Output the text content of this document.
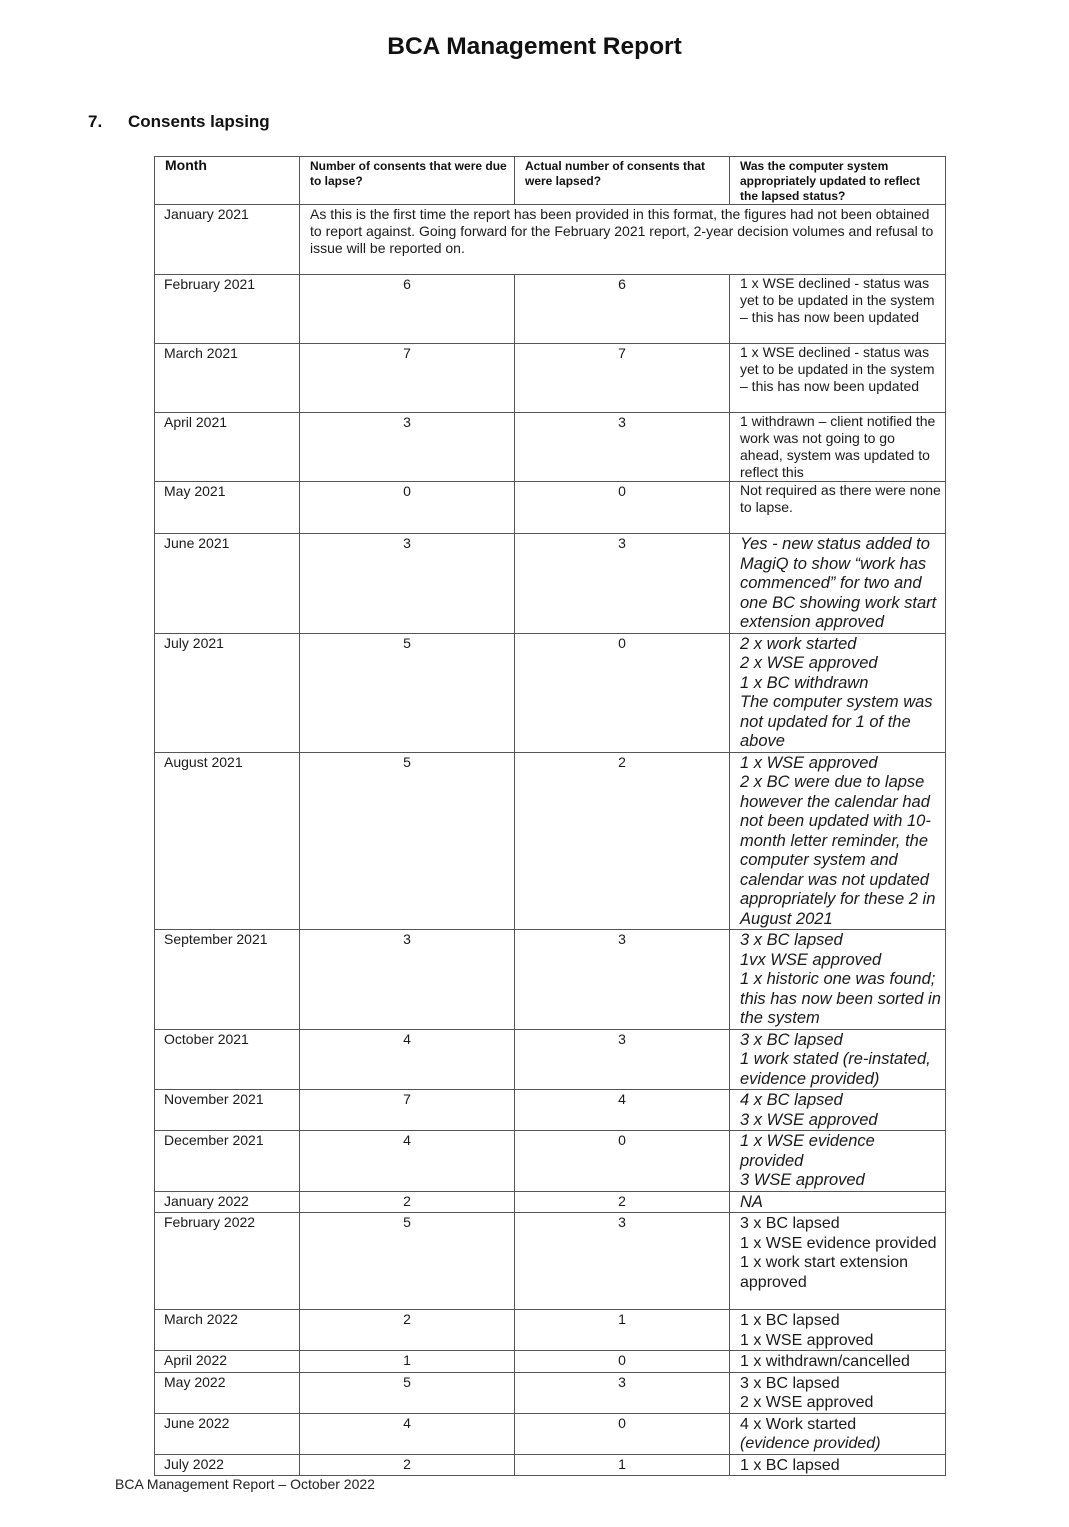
BCA Management Report
7. Consents lapsing
Month	Number of consents that were due to lapse?	Actual number of consents that were lapsed?	Was the computer system appropriately updated to reflect the lapsed status?
January 2021	As this is the first time the report has been provided in this format, the figures had not been obtained to report against. Going forward for the February 2021 report, 2-year decision volumes and refusal to issue will be reported on.		
February 2021	6	6	1 x WSE declined - status was yet to be updated in the system – this has now been updated
March 2021	7	7	1 x WSE declined - status was yet to be updated in the system – this has now been updated
April 2021	3	3	1 withdrawn – client notified the work was not going to go ahead, system was updated to reflect this
May 2021	0	0	Not required as there were none to lapse.
June 2021	3	3	Yes - new status added to MagiQ to show “work has commenced” for two and one BC showing work start extension approved
July 2021	5	0	2 x work started
2 x WSE approved
1 x BC withdrawn
The computer system was not updated for 1 of the above

August 2021	5	2	1 x WSE approved
2 x BC were due to lapse however the calendar had not been updated with 10-month letter reminder, the computer system and calendar was not updated appropriately for these 2 in August 2021

September 2021	3	3	3 x BC lapsed
1vx WSE approved
1 x historic one was found; this has now been sorted in the system

October 2021	4	3	3 x BC lapsed
1 work stated (re-instated, evidence provided)

November 2021	7	4	4 x BC lapsed
3 x WSE approved

December 2021	4	0	1 x WSE evidence provided
3 WSE approved

January 2022	2	2	NA
February 2022	5	3	3 x BC lapsed
1 x WSE evidence provided
1 x work start extension approved

March 2022	2	1	1 x BC lapsed
1 x WSE approved

April 2022	1	0	1 x withdrawn/cancelled
May 2022	5	3	3 x BC lapsed
2 x WSE approved

June 2022	4	0	4 x Work started
(evidence provided)

July 2022	2	1	1 x BC lapsed
BCA Management Report – October 2022
